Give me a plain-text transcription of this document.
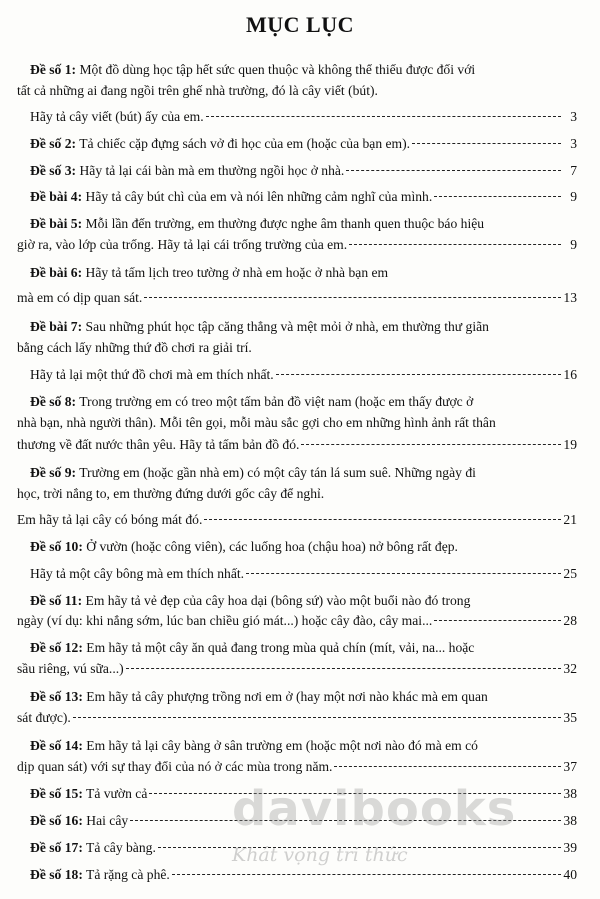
MỤC LỤC
Đề số 1: Một đồ dùng học tập hết sức quen thuộc và không thể thiếu được đối với
tất cả những ai đang ngồi trên ghế nhà trường, đó là cây viết (bút).
Hãy tả cây viết (bút) ấy của em.	3
Đề số 2: Tả chiếc cặp đựng sách vở đi học của em (hoặc của bạn em).	3
Đề số 3: Hãy tả lại cái bàn mà em thường ngồi học ở nhà.	7
Đề bài 4: Hãy tả cây bút chì của em và nói lên những cảm nghĩ của mình.	9
Đề bài 5: Mỗi lần đến trường, em thường được nghe âm thanh quen thuộc báo hiệu
giờ ra, vào lớp của trống. Hãy tả lại cái trống trường của em.	9
Đề bài 6: Hãy tả tấm lịch treo tường ở nhà em hoặc ở nhà bạn em
mà em có dịp quan sát.	13
Đề bài 7: Sau những phút học tập căng thẳng và mệt mỏi ở nhà, em thường thư giãn
bằng cách lấy những thứ đồ chơi ra giải trí.
Hãy tả lại một thứ đồ chơi mà em thích nhất.	16
Đề số 8: Trong trường em có treo một tấm bản đồ việt nam (hoặc em thấy được ở
nhà bạn, nhà người thân). Mỗi tên gọi, mỗi màu sắc gợi cho em những hình ảnh rất thân
thương về đất nước thân yêu. Hãy tả tấm bản đồ đó.	19
Đề số 9: Trường em (hoặc gần nhà em) có một cây tán lá sum suê. Những ngày đi
học, trời nắng to, em thường đứng dưới gốc cây để nghỉ.
Em hãy tả lại cây có bóng mát đó.	21
Đề số 10: Ở vườn (hoặc công viên), các luống hoa (chậu hoa) nở bông rất đẹp.
Hãy tả một cây bông mà em thích nhất.	25
Đề số 11: Em hãy tả vẻ đẹp của cây hoa dại (bông sứ) vào một buổi nào đó trong
ngày (ví dụ: khi nắng sớm, lúc ban chiều gió mát...) hoặc cây đào, cây mai...	28
Đề số 12: Em hãy tả một cây ăn quả đang trong mùa quả chín (mít, vải, na... hoặc
sầu riêng, vú sữa...)	32
Đề số 13: Em hãy tả cây phượng trồng nơi em ở (hay một nơi nào khác mà em quan
sát được).	35
Đề số 14: Em hãy tả lại cây bàng ở sân trường em (hoặc một nơi nào đó mà em có
dịp quan sát) với sự thay đổi của nó ở các mùa trong năm.	37
Đề số 15: Tả vườn cả	38
Đề số 16: Hai cây	38
Đề số 17: Tả cây bàng.	39
Đề số 18: Tả rặng cà phê.	40
davibooks
Khát vọng tri thức
